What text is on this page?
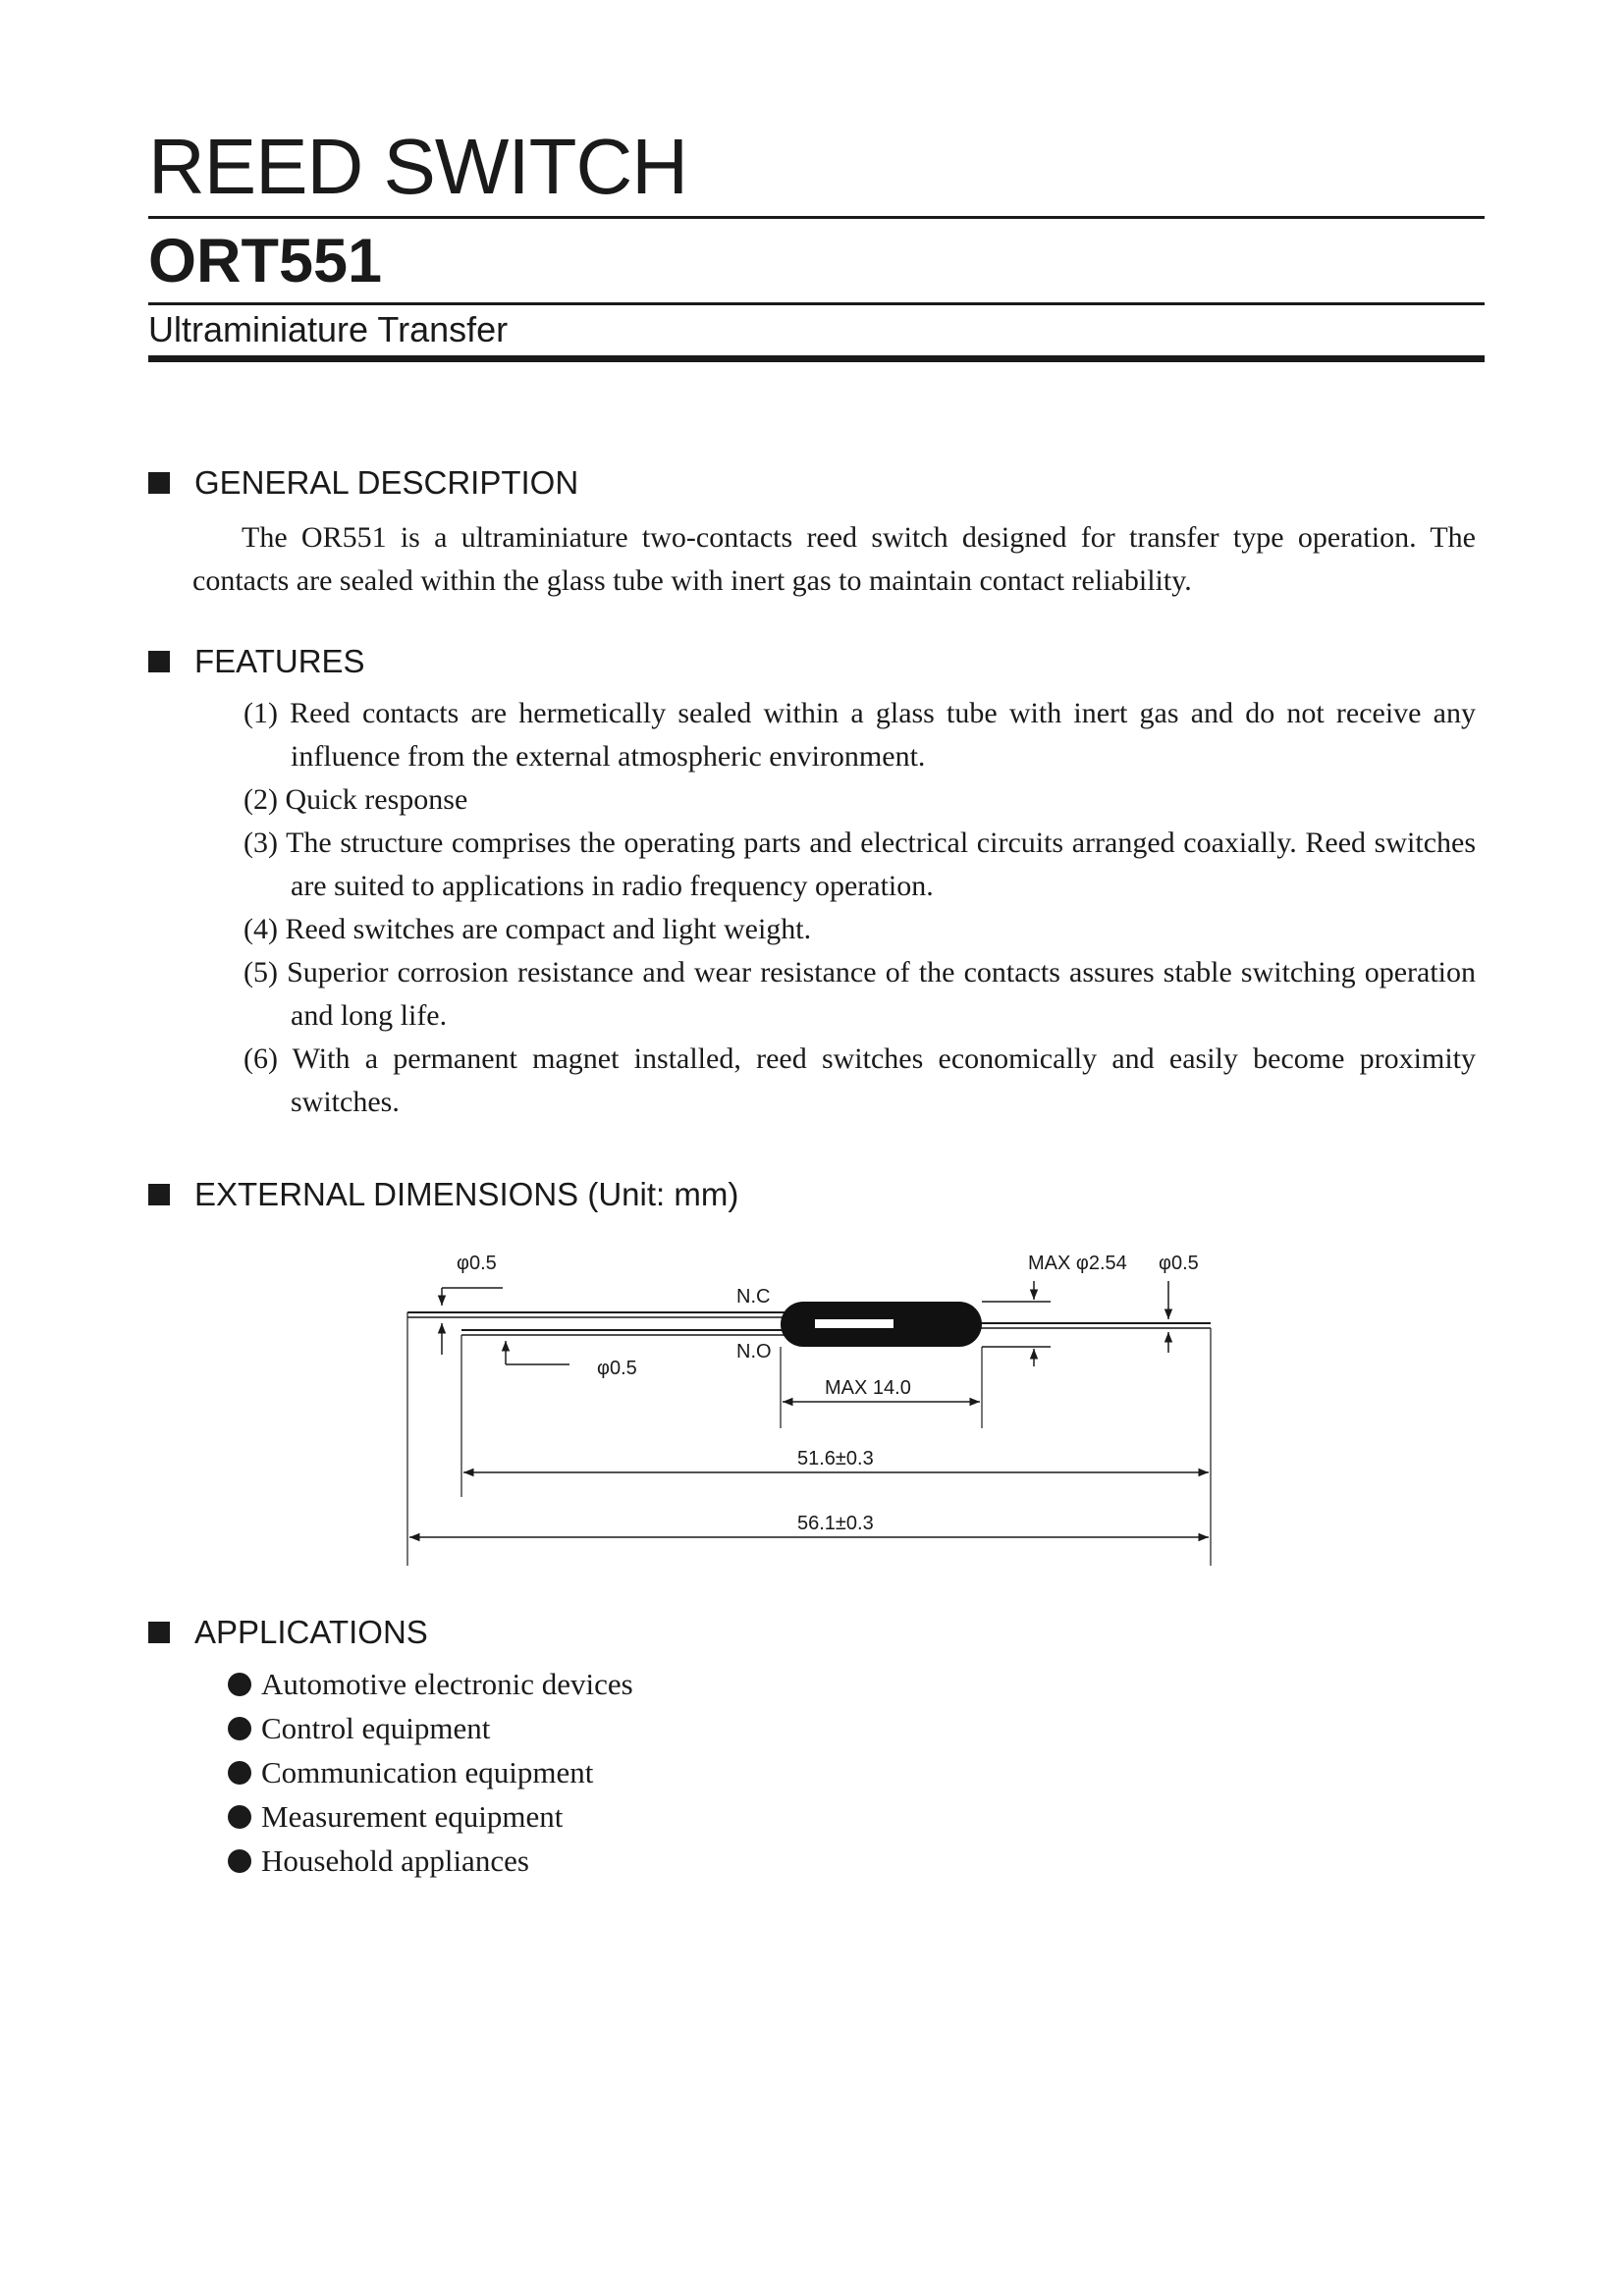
REED SWITCH
ORT551
Ultraminiature Transfer
GENERAL DESCRIPTION

The OR551 is a ultraminiature two-contacts reed switch designed for transfer type operation. The contacts are sealed within the glass tube with inert gas to maintain contact reliability.

FEATURES
(1) Reed contacts are hermetically sealed within a glass tube with inert gas and do not receive any influence from the external atmospheric environment.
(2) Quick response
(3) The structure comprises the operating parts and electrical circuits arranged coaxially. Reed switches are suited to applications in radio frequency operation.
(4) Reed switches are compact and light weight.
(5) Superior corrosion resistance and wear resistance of the contacts assures stable switching operation and long life.
(6) With a permanent magnet installed, reed switches economically and easily become proximity switches.
EXTERNAL DIMENSIONS (Unit: mm)
φ0.5
φ0.5
N.C
N.O
MAX φ2.54 φ0.5
MAX 14.0
51.6±0.3
56.1±0.3
APPLICATIONS
Automotive electronic devices
Control equipment
Communication equipment
Measurement equipment
Household appliances
